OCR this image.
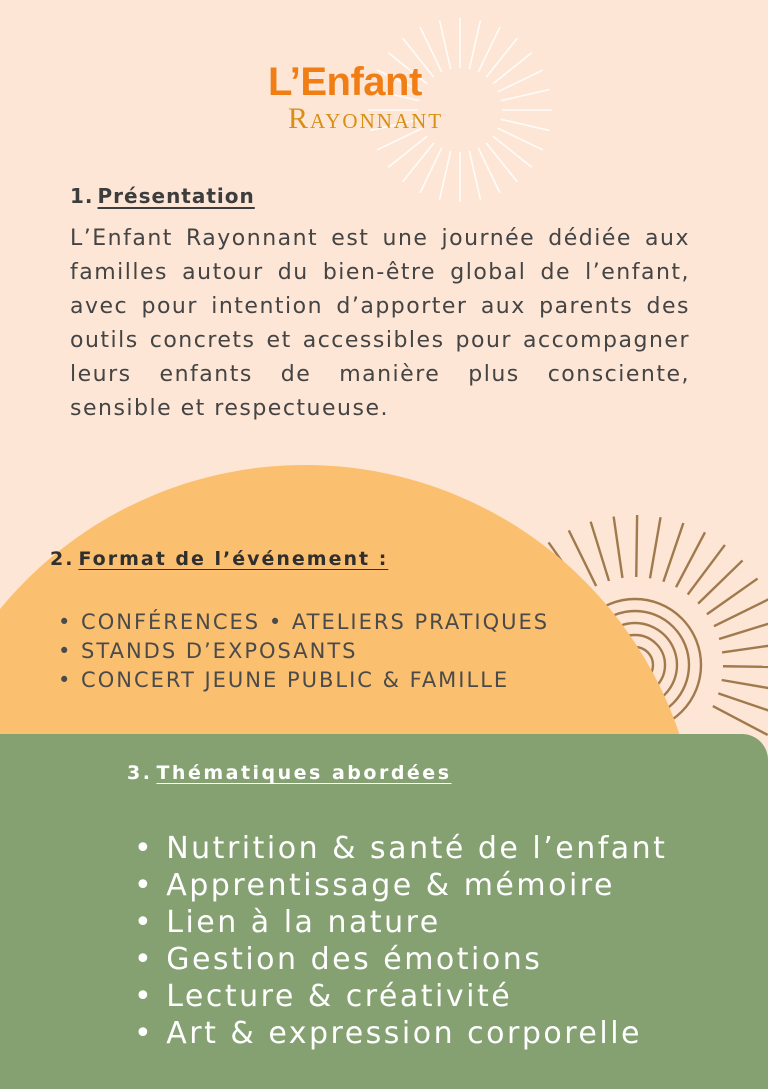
L’Enfant
Rayonnant
1. Présentation

L’Enfant Rayonnant est une journée dédiée aux familles autour du bien-être global de l’enfant, avec pour intention d’apporter aux parents des outils concrets et accessibles pour accompagner leurs enfants de manière plus consciente, sensible et respectueuse.

2. Format de l’événement :
• CONFÉRENCES • ATELIERS PRATIQUES
• STANDS D’EXPOSANTS
• CONCERT JEUNE PUBLIC & FAMILLE
3. Thématiques abordées
• Nutrition & santé de l’enfant
• Apprentissage & mémoire
• Lien à la nature
• Gestion des émotions
• Lecture & créativité
• Art & expression corporelle
